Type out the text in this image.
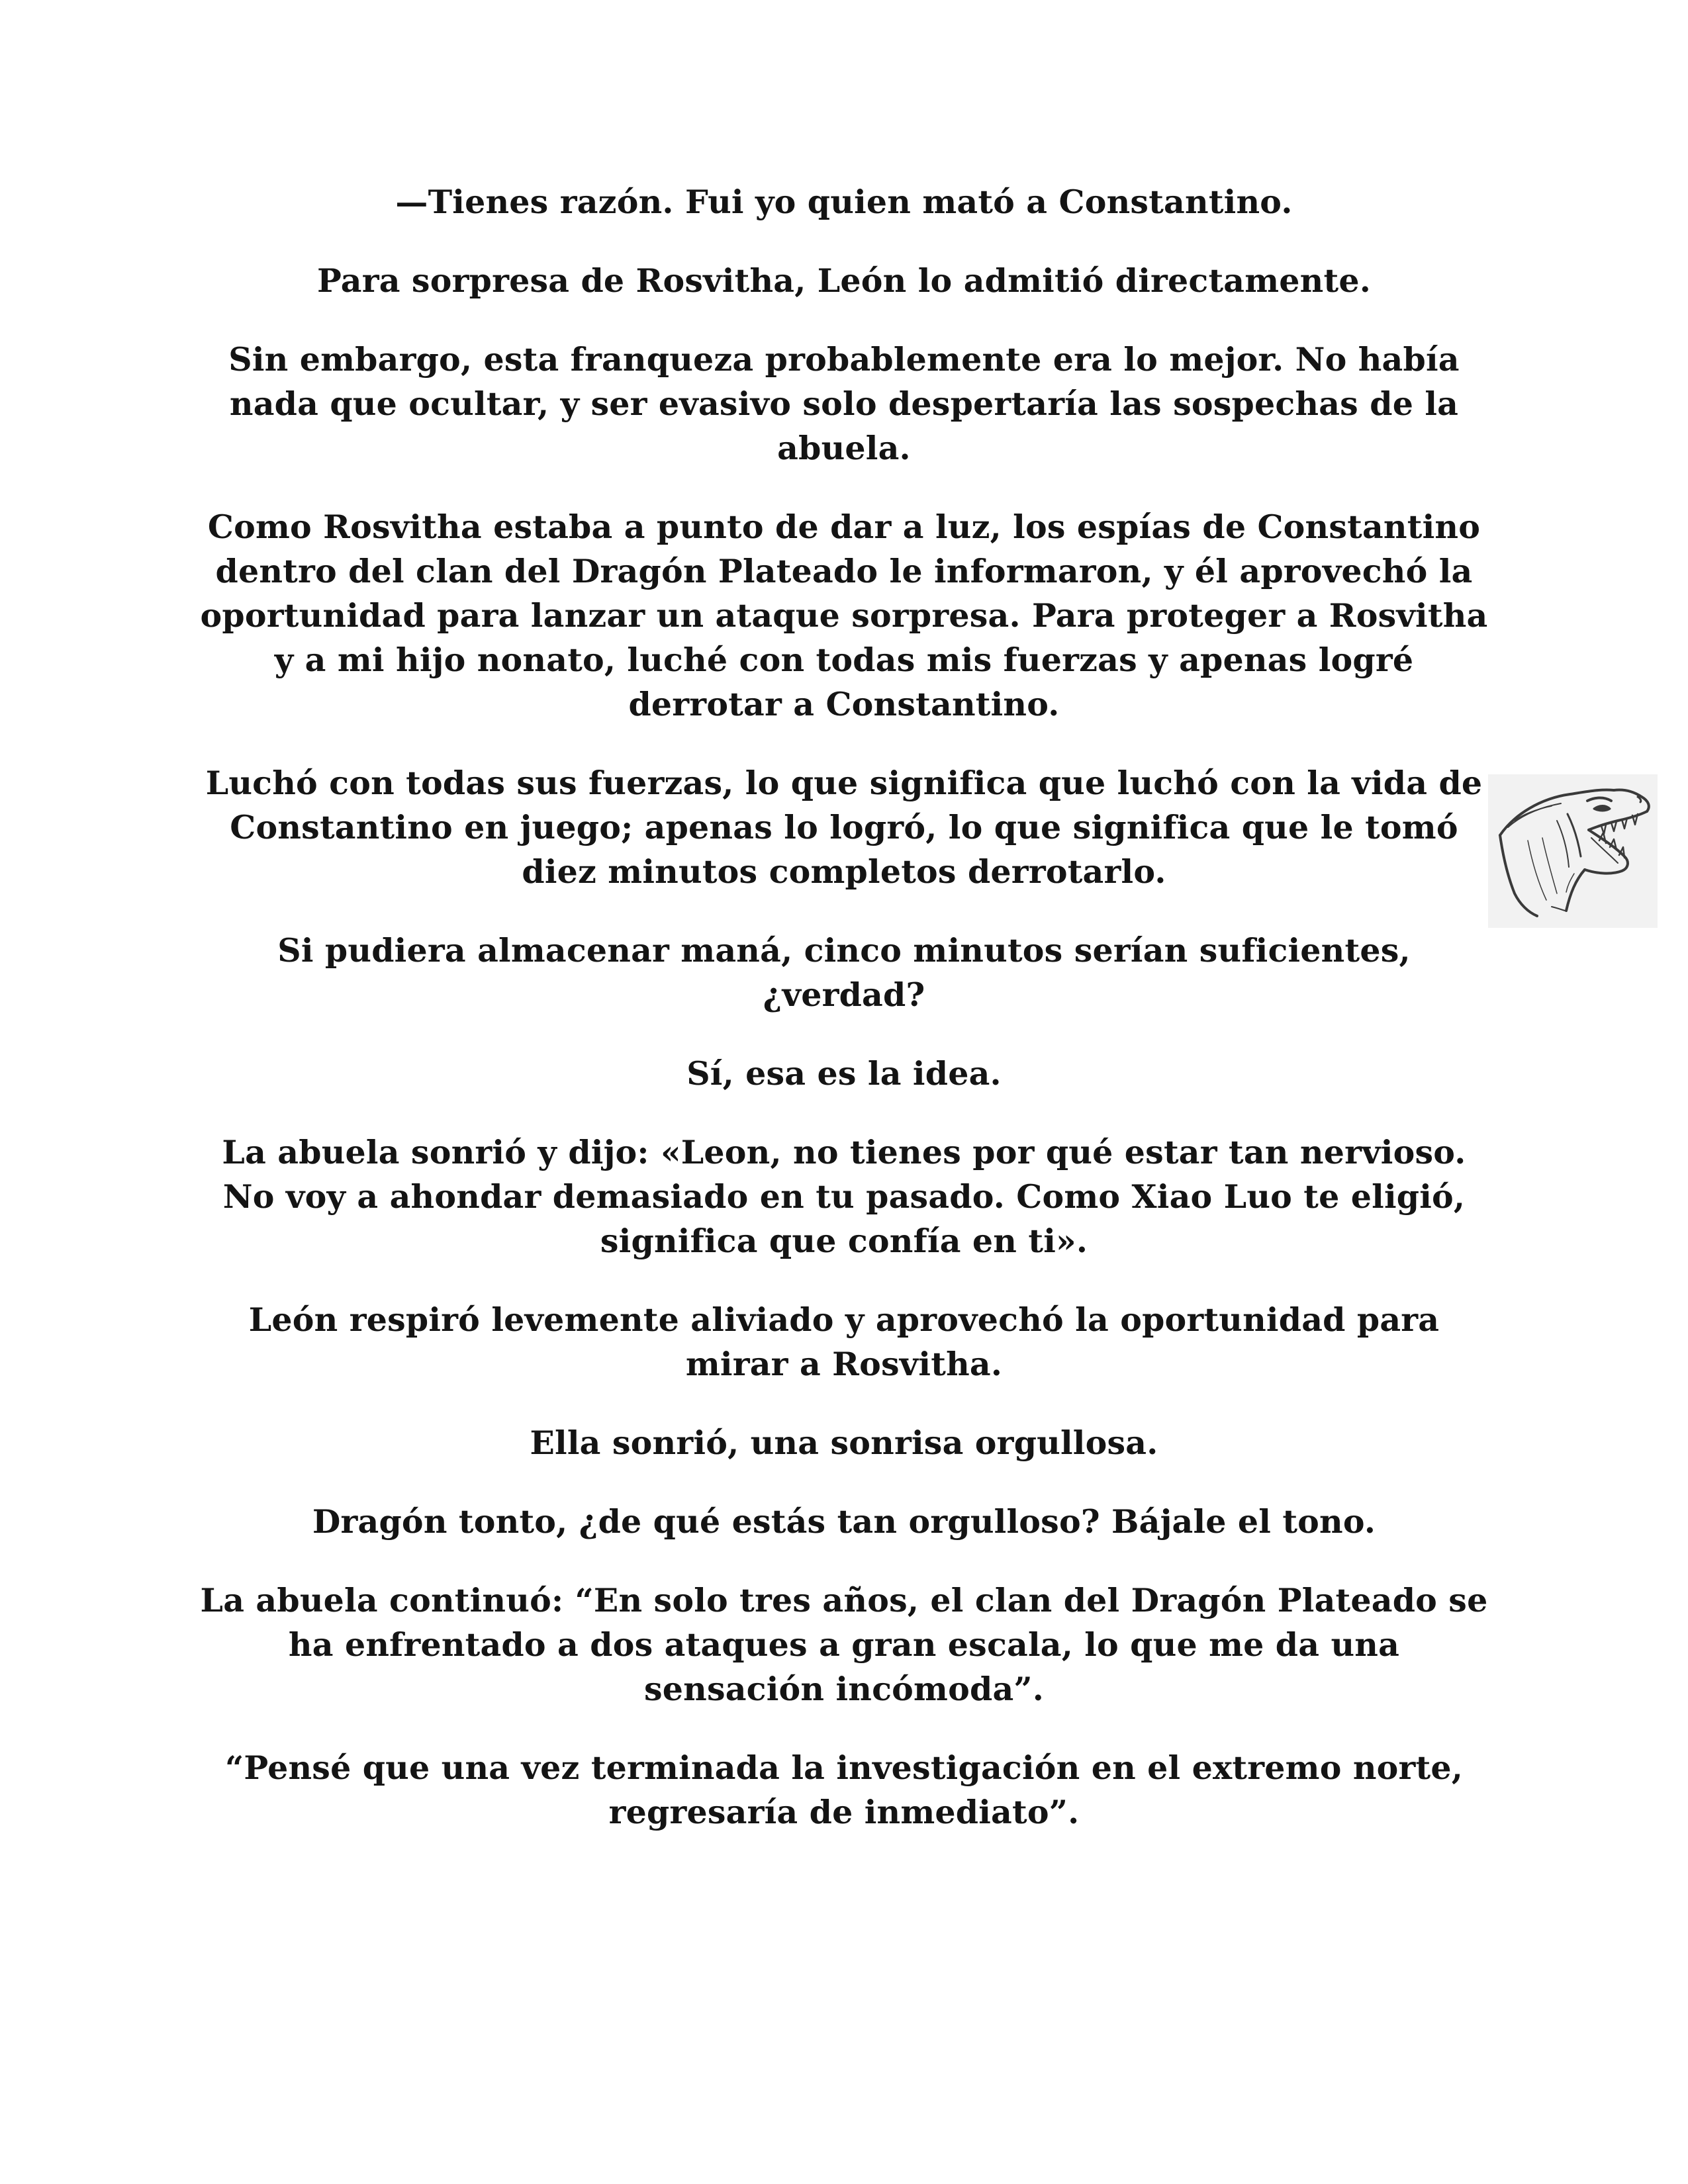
—Tienes razón. Fui yo quien mató a Constantino.

Para sorpresa de Rosvitha, León lo admitió directamente.

Sin embargo, esta franqueza probablemente era lo mejor. No había nada que ocultar, y ser evasivo solo despertaría las sospechas de la abuela.

Como Rosvitha estaba a punto de dar a luz, los espías de Constantino dentro del clan del Dragón Plateado le informaron, y él aprovechó la oportunidad para lanzar un ataque sorpresa. Para proteger a Rosvitha y a mi hijo nonato, luché con todas mis fuerzas y apenas logré derrotar a Constantino.

Luchó con todas sus fuerzas, lo que significa que luchó con la vida de Constantino en juego; apenas lo logró, lo que significa que le tomó diez minutos completos derrotarlo.

Si pudiera almacenar maná, cinco minutos serían suficientes, ¿verdad?

Sí, esa es la idea.

La abuela sonrió y dijo: «Leon, no tienes por qué estar tan nervioso. No voy a ahondar demasiado en tu pasado. Como Xiao Luo te eligió, significa que confía en ti».

León respiró levemente aliviado y aprovechó la oportunidad para mirar a Rosvitha.

Ella sonrió, una sonrisa orgullosa.

Dragón tonto, ¿de qué estás tan orgulloso? Bájale el tono.

La abuela continuó: “En solo tres años, el clan del Dragón Plateado se ha enfrentado a dos ataques a gran escala, lo que me da una sensación incómoda”.

“Pensé que una vez terminada la investigación en el extremo norte, regresaría de inmediato”.
